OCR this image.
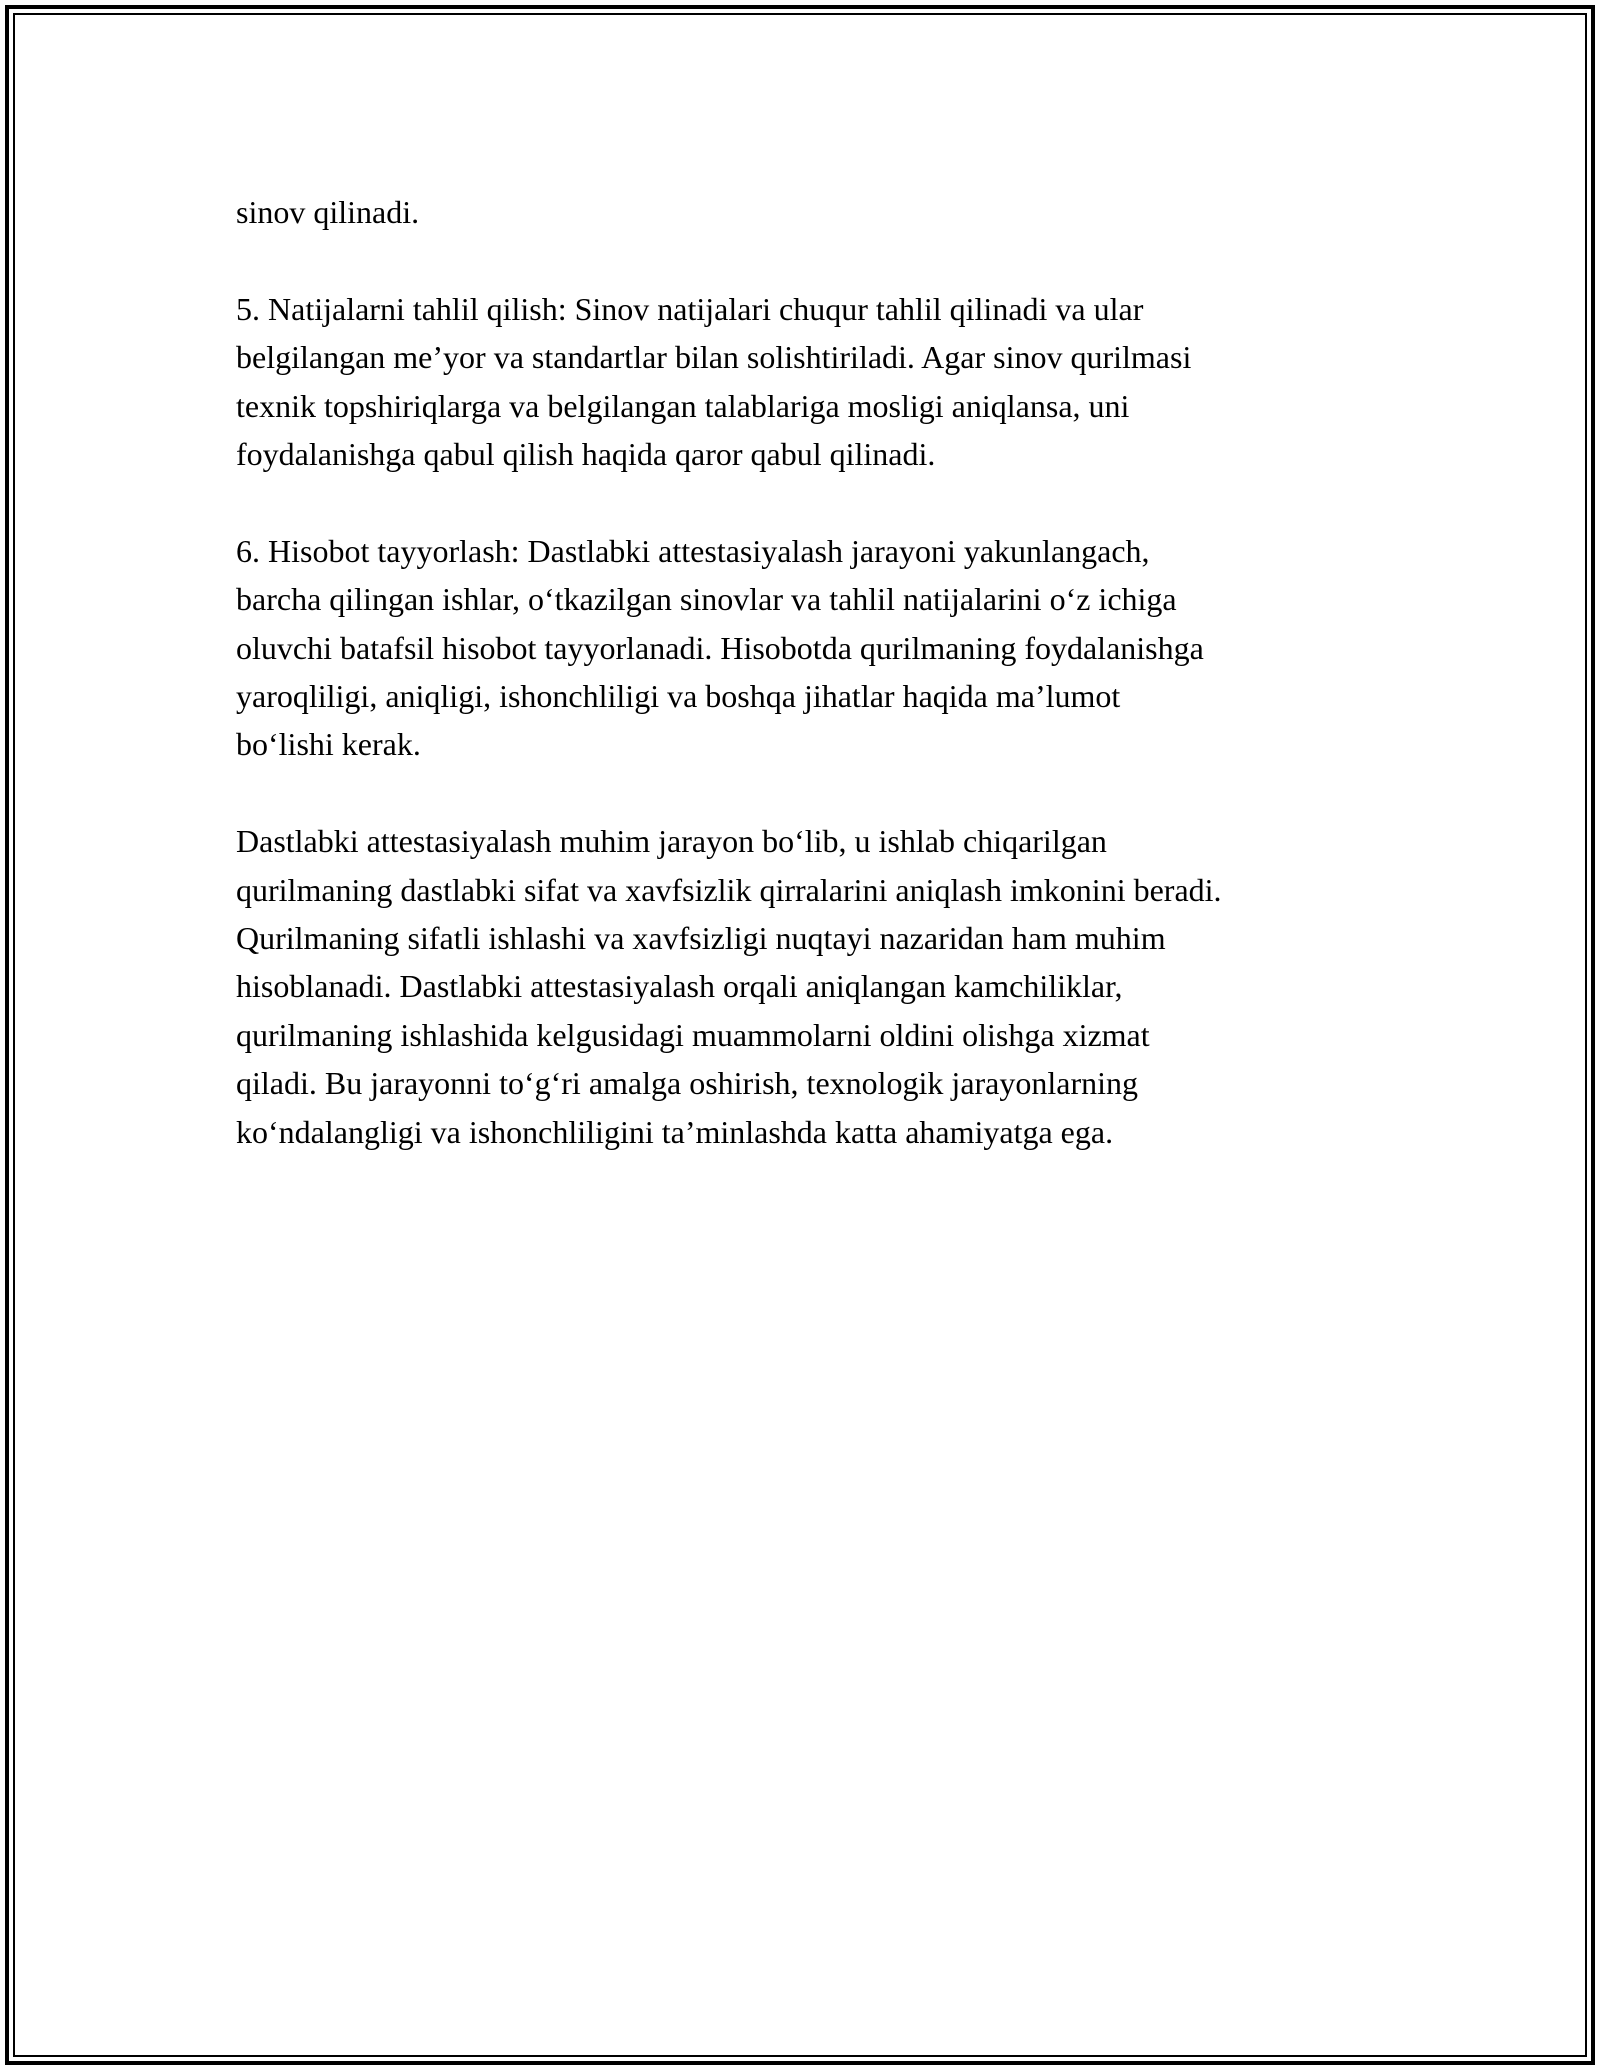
sinov qilinadi.

5. Natijalarni tahlil qilish: Sinov natijalari chuqur tahlil qilinadi va ular
belgilangan me’yor va standartlar bilan solishtiriladi. Agar sinov qurilmasi
texnik topshiriqlarga va belgilangan talablariga mosligi aniqlansa, uni
foydalanishga qabul qilish haqida qaror qabul qilinadi.

6. Hisobot tayyorlash: Dastlabki attestasiyalash jarayoni yakunlangach,
barcha qilingan ishlar, o‘tkazilgan sinovlar va tahlil natijalarini o‘z ichiga
oluvchi batafsil hisobot tayyorlanadi. Hisobotda qurilmaning foydalanishga
yaroqliligi, aniqligi, ishonchliligi va boshqa jihatlar haqida ma’lumot
bo‘lishi kerak.

Dastlabki attestasiyalash muhim jarayon bo‘lib, u ishlab chiqarilgan
qurilmaning dastlabki sifat va xavfsizlik qirralarini aniqlash imkonini beradi.
Qurilmaning sifatli ishlashi va xavfsizligi nuqtayi nazaridan ham muhim
hisoblanadi. Dastlabki attestasiyalash orqali aniqlangan kamchiliklar,
qurilmaning ishlashida kelgusidagi muammolarni oldini olishga xizmat
qiladi. Bu jarayonni to‘g‘ri amalga oshirish, texnologik jarayonlarning
ko‘ndalangligi va ishonchliligini ta’minlashda katta ahamiyatga ega.
